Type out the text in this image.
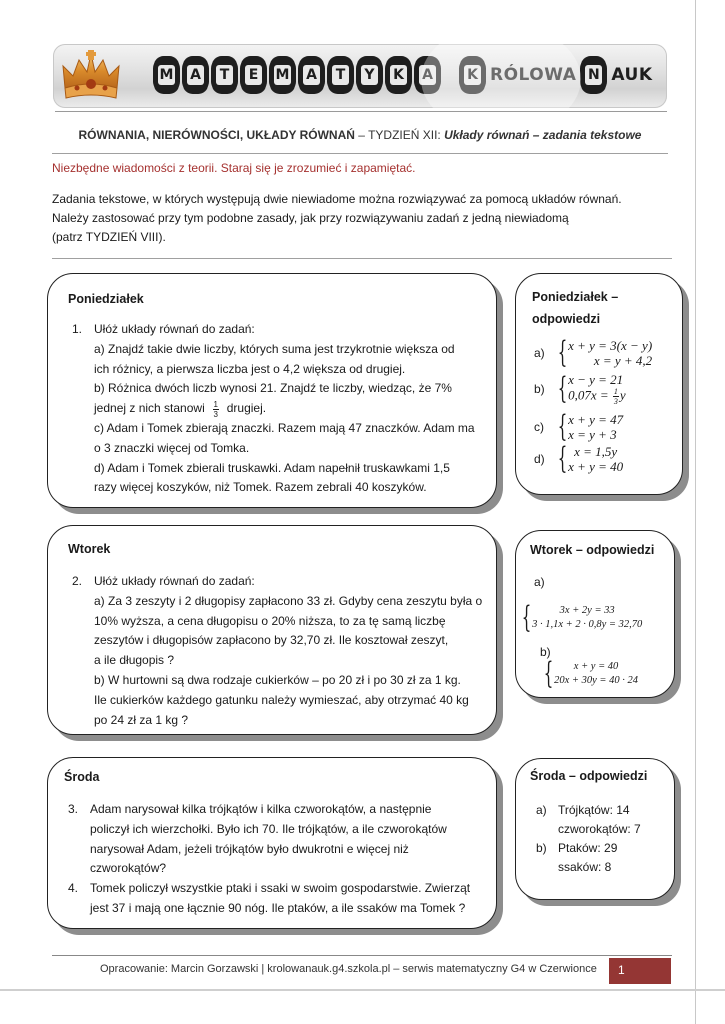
M A T E M A T Y K A K RÓLOWA N AUK
RÓWNANIA, NIERÓWNOŚCI, UKŁADY RÓWNAŃ – TYDZIEŃ XII: Układy równań – zadania tekstowe
Niezbędne wiadomości z teorii. Staraj się je zrozumieć i zapamiętać.
Zadania tekstowe, w których występują dwie niewiadome można rozwiązywać za pomocą układów równań.
Należy zastosować przy tym podobne zasady, jak przy rozwiązywaniu zadań z jedną niewiadomą
(patrz TYDZIEŃ VIII).
Poniedziałek
1. Ułóż układy równań do zadań:
a) Znajdź takie dwie liczby, których suma jest trzykrotnie większa od
ich różnicy, a pierwsza liczba jest o 4,2 większa od drugiej.
b) Różnica dwóch liczb wynosi 21. Znajdź te liczby, wiedząc, że 7%
jednej z nich stanowi $\frac{1}{3}$ drugiej.
c) Adam i Tomek zbierają znaczki. Razem mają 47 znaczków. Adam ma
o 3 znaczki więcej od Tomka.
d) Adam i Tomek zbierali truskawki. Adam napełnił truskawkami 1,5
razy więcej koszyków, niż Tomek. Razem zebrali 40 koszyków.
Poniedziałek –
odpowiedzi
a) { x + y = 3(x − y)
x = y + 4,2
b) { x − y = 21
$0,07x = \frac{1}{3}$ y
c) { x + y = 47
x = y + 3
d) { x = 1,5y
x + y = 40
Wtorek
2. Ułóż układy równań do zadań:
a) Za 3 zeszyty i 2 długopisy zapłacono 33 zł. Gdyby cena zeszytu była o
10% wyższa, a cena długopisu o 20% niższa, to za tę samą liczbę
zeszytów i długopisów zapłacono by 32,70 zł. Ile kosztował zeszyt,
a ile długopis ?
b) W hurtowni są dwa rodzaje cukierków – po 20 zł i po 30 zł za 1 kg.
Ile cukierków każdego gatunku należy wymieszać, aby otrzymać 40 kg
po 24 zł za 1 kg ?
Wtorek – odpowiedzi
a)
{	3x + 2y = 33
3 · 1,1x + 2 · 0,8y = 32,70
b)
{ x + y = 40
20x + 30y = 40 · 24
Środa
3. Adam narysował kilka trójkątów i kilka czworokątów, a następnie
policzył ich wierzchołki. Było ich 70. Ile trójkątów, a ile czworokątów
narysował Adam, jeżeli trójkątów było dwukrotni e więcej niż
czworokątów?
4. Tomek policzył wszystkie ptaki i ssaki w swoim gospodarstwie. Zwierząt
jest 37 i mają one łącznie 90 nóg. Ile ptaków, a ile ssaków ma Tomek ?
Środa – odpowiedzi
a) Trójkątów: 14
czworokątów: 7
b) Ptaków: 29
ssaków: 8
Opracowanie: Marcin Gorzawski | krolowanauk.g4.szkola.pl – serwis matematyczny G4 w Czerwionce	1
